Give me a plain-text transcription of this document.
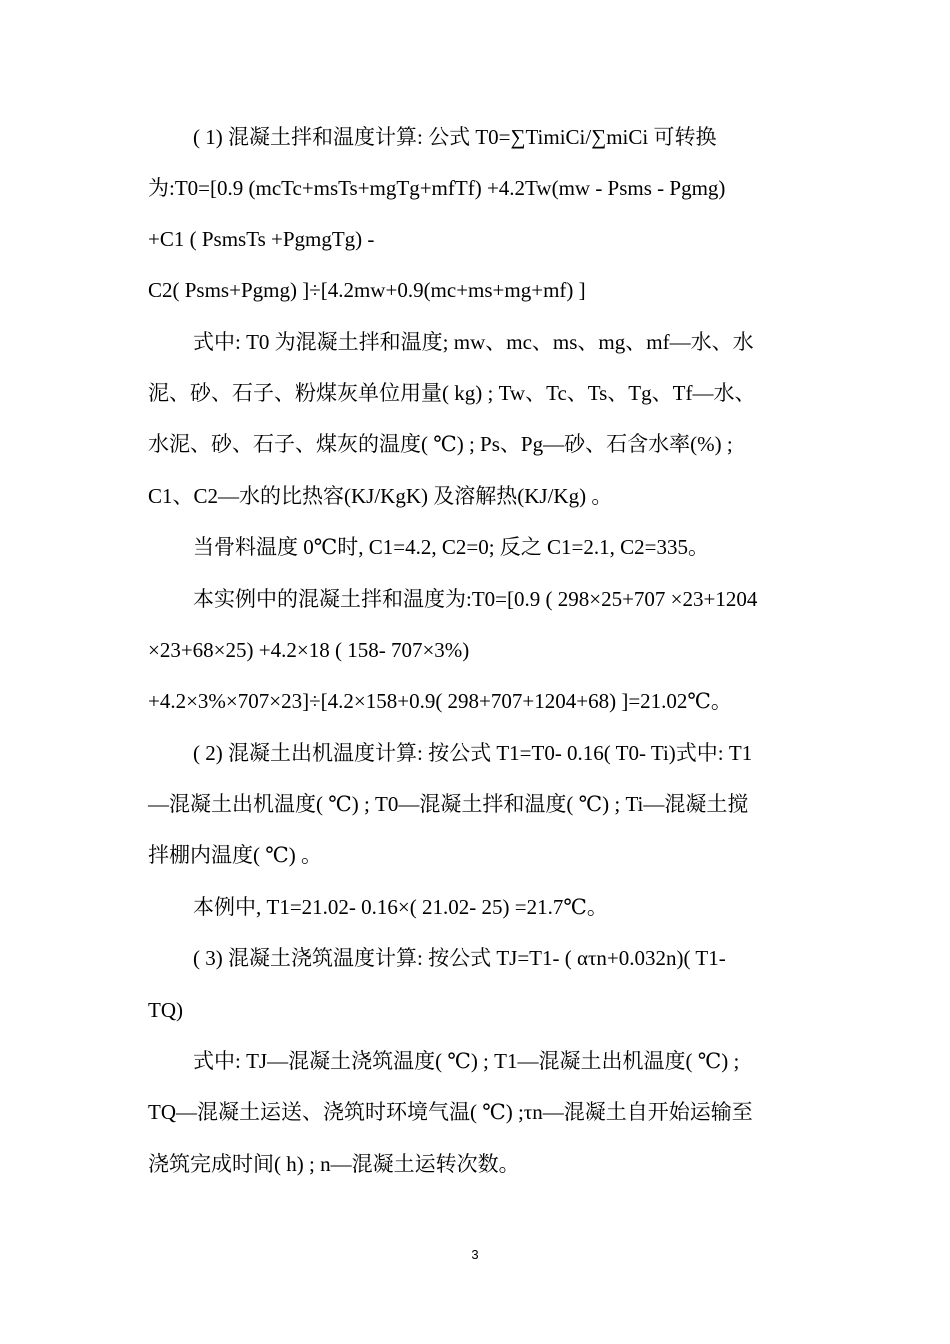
( 1) 混凝土拌和温度计算: 公式 T0=∑TimiCi/∑miCi 可转换
为:T0=[0.9 (mcTc+msTs+mgTg+mfTf) +4.2Tw(mw - Psms - Pgmg)
+C1 ( PsmsTs +PgmgTg) -
C2( Psms+Pgmg) ]÷[4.2mw+0.9(mc+ms+mg+mf) ]
式中: T0 为混凝土拌和温度; mw、mc、ms、mg、mf—水、水
泥、砂、石子、粉煤灰单位用量( kg) ; Tw、Tc、Ts、Tg、Tf—水、
水泥、砂、石子、煤灰的温度( ℃) ; Ps、Pg—砂、石含水率(%) ;
C1、C2—水的比热容(KJ/KgK) 及溶解热(KJ/Kg) 。
当骨料温度 0℃时, C1=4.2, C2=0; 反之 C1=2.1, C2=335。
本实例中的混凝土拌和温度为:T0=[0.9 ( 298×25+707 ×23+1204
×23+68×25) +4.2×18 ( 158- 707×3%)
+4.2×3%×707×23]÷[4.2×158+0.9( 298+707+1204+68) ]=21.02℃。
( 2) 混凝土出机温度计算: 按公式 T1=T0- 0.16( T0- Ti)式中: T1
—混凝土出机温度( ℃) ; T0—混凝土拌和温度( ℃) ; Ti—混凝土搅
拌棚内温度( ℃) 。
本例中, T1=21.02- 0.16×( 21.02- 25) =21.7℃。
( 3) 混凝土浇筑温度计算: 按公式 TJ=T1- ( ατn+0.032n)( T1-
TQ)
式中: TJ—混凝土浇筑温度( ℃) ; T1—混凝土出机温度( ℃) ;
TQ—混凝土运送、浇筑时环境气温( ℃) ;τn—混凝土自开始运输至
浇筑完成时间( h) ; n—混凝土运转次数。
3
